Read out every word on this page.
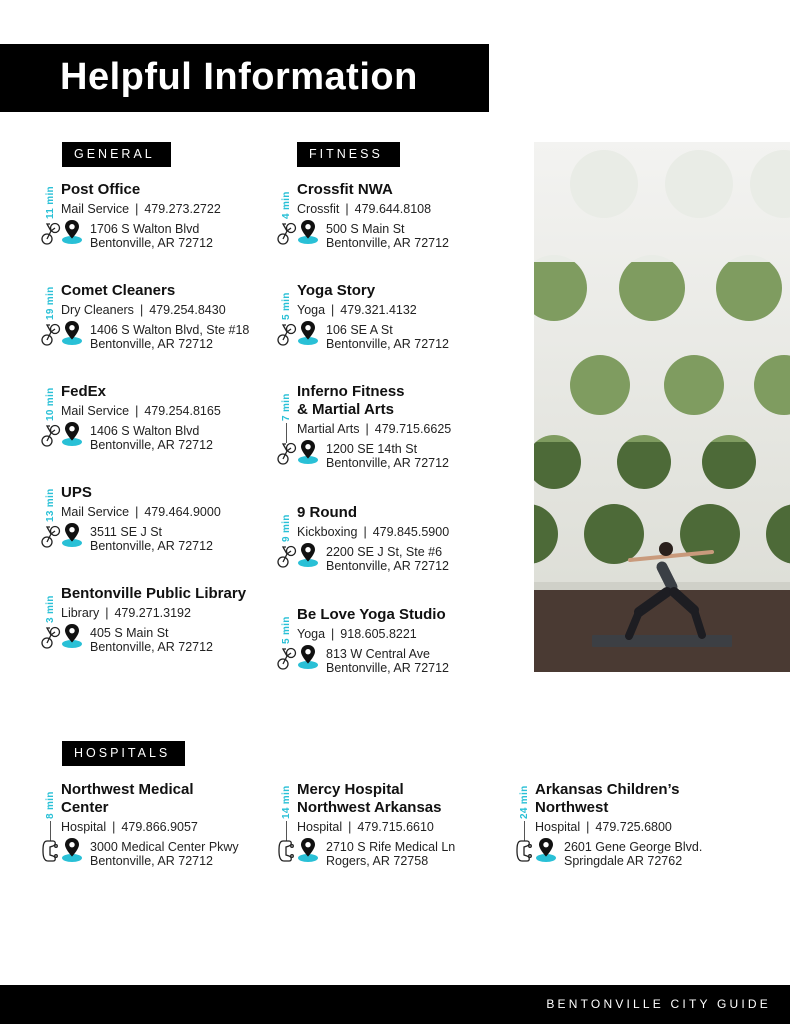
Helpful Information
GENERAL	FITNESS
HOSPITALS
11 min Post Office
Mail Service | 479.273.2722
1706 S Walton Blvd
Bentonville, AR 72712
19 min Comet Cleaners
Dry Cleaners | 479.254.8430
1406 S Walton Blvd, Ste #18
Bentonville, AR 72712
10 min FedEx
Mail Service | 479.254.8165
1406 S Walton Blvd
Bentonville, AR 72712
13 min UPS
Mail Service | 479.464.9000
3511 SE J St
Bentonville, AR 72712
3 min
Bentonville Public Library
Library | 479.271.3192
405 S Main St
Bentonville, AR 72712
4 min
Crossfit NWA
Crossfit | 479.644.8108
500 S Main St
Bentonville, AR 72712
5 min
Yoga Story
Yoga | 479.321.4132
106 SE A St
Bentonville, AR 72712
7 min
Inferno Fitness
& Martial Arts
Martial Arts | 479.715.6625
1200 SE 14th St
Bentonville, AR 72712
9 min
9 Round
Kickboxing | 479.845.5900
2200 SE J St, Ste #6
Bentonville, AR 72712
5 min
Be Love Yoga Studio
Yoga | 918.605.8221
813 W Central Ave
Bentonville, AR 72712
8 min
Northwest Medical
Center
Hospital | 479.866.9057
3000 Medical Center Pkwy
Bentonville, AR 72712
14 min Mercy Hospital
Northwest Arkansas
Hospital | 479.715.6610
2710 S Rife Medical Ln
Rogers, AR 72758
24 min Arkansas Children’s
Northwest
Hospital | 479.725.6800
2601 Gene George Blvd.
Springdale AR 72762
BENTONVILLE CITY GUIDE
